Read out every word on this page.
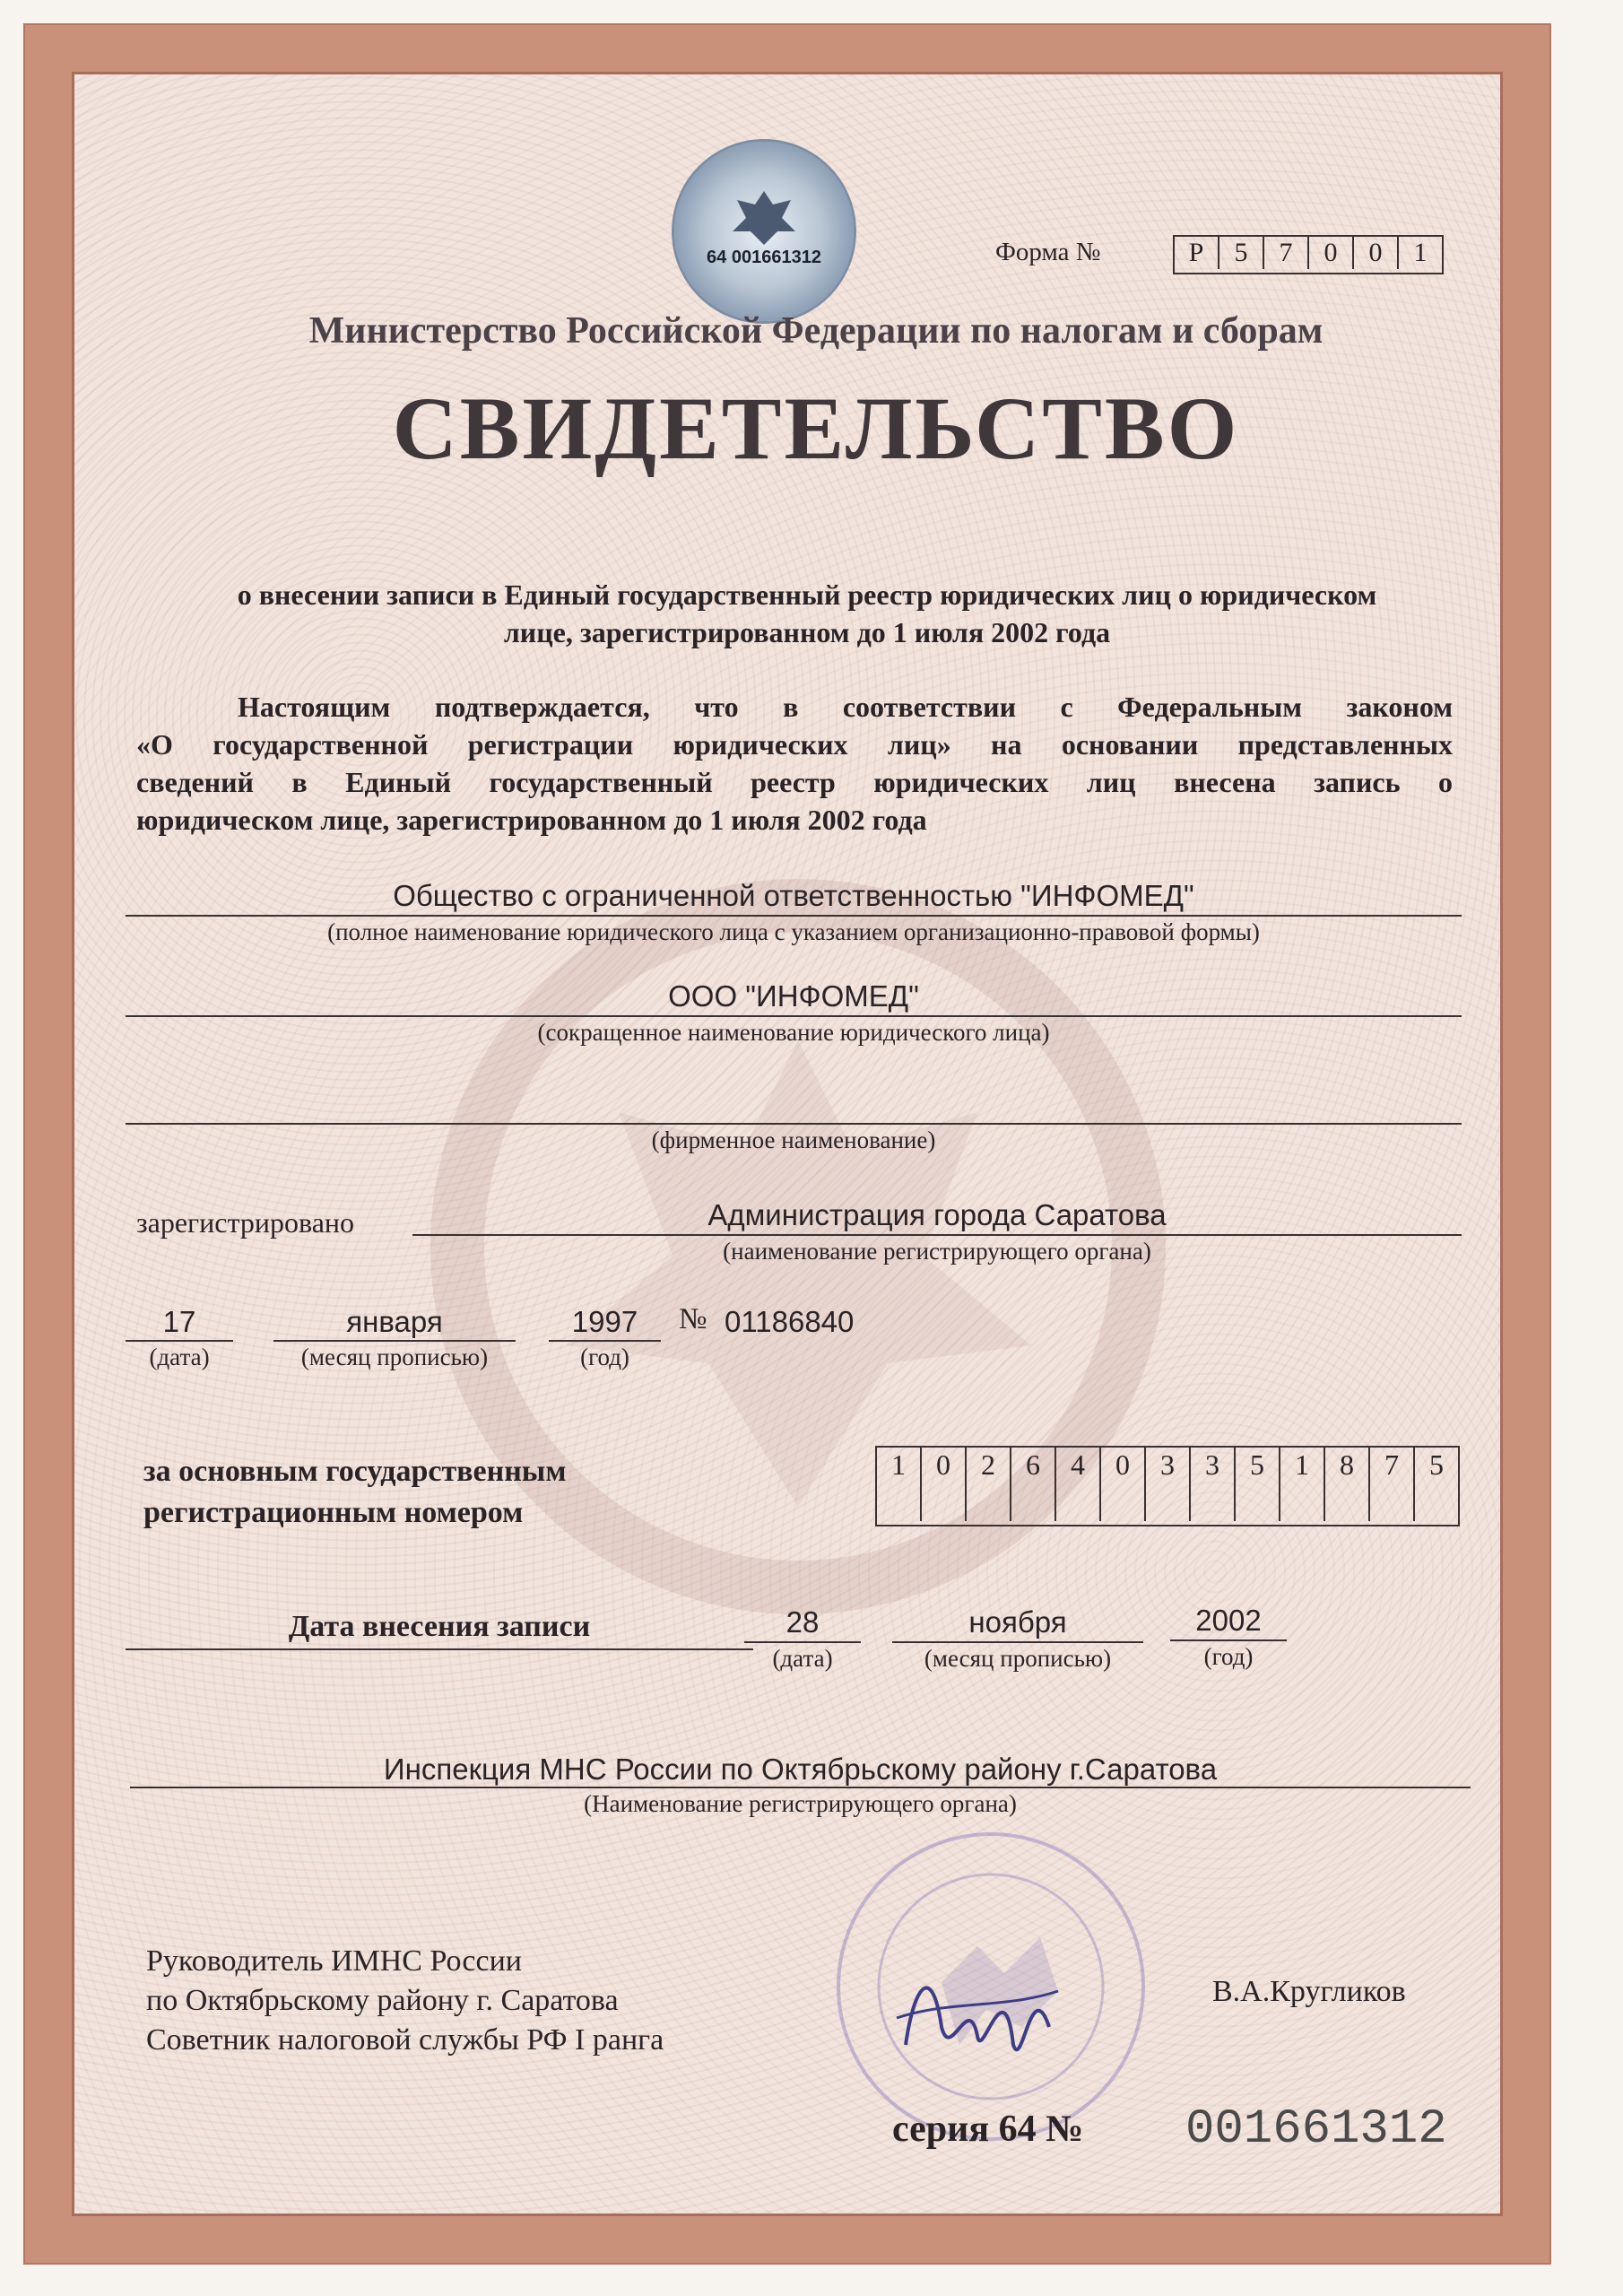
64 001661312	Форма №	Р	5	7	0	0	1
Министерство Российской Федерации по налогам и сборам
СВИДЕТЕЛЬСТВО
о внесении записи в Единый государственный реестр юридических лиц о юридическом
лице, зарегистрированном до 1 июля 2002 года
Настоящим подтверждается, что в соответствии с Федеральным законом
«О государственной регистрации юридических лиц» на основании представленных
сведений в Единый государственный реестр юридических лиц внесена запись о
юридическом лице, зарегистрированном до 1 июля 2002 года
Общество с ограниченной ответственностью "ИНФОМЕД"
(полное наименование юридического лица с указанием организационно-правовой формы)
ООО "ИНФОМЕД"
(сокращенное наименование юридического лица)
(фирменное наименование)
зарегистрировано	Администрация города Саратова
(наименование регистрирующего органа)
17
(дата)
января
(месяц прописью)
1997
(год)
№ 01186840
за основным государственным
регистрационным номером
1	0	2	6	4	0	3	3	5	1	8	7	5
Дата внесения записи	28
(дата)
ноября
(месяц прописью)
2002
(год)
Инспекция МНС России по Октябрьскому району г.Саратова
(Наименование регистрирующего органа)
Руководитель ИМНС России
по Октябрьскому району г. Саратова
Советник налоговой службы РФ I ранга
В.А.Кругликов
серия 64 № 001661312
